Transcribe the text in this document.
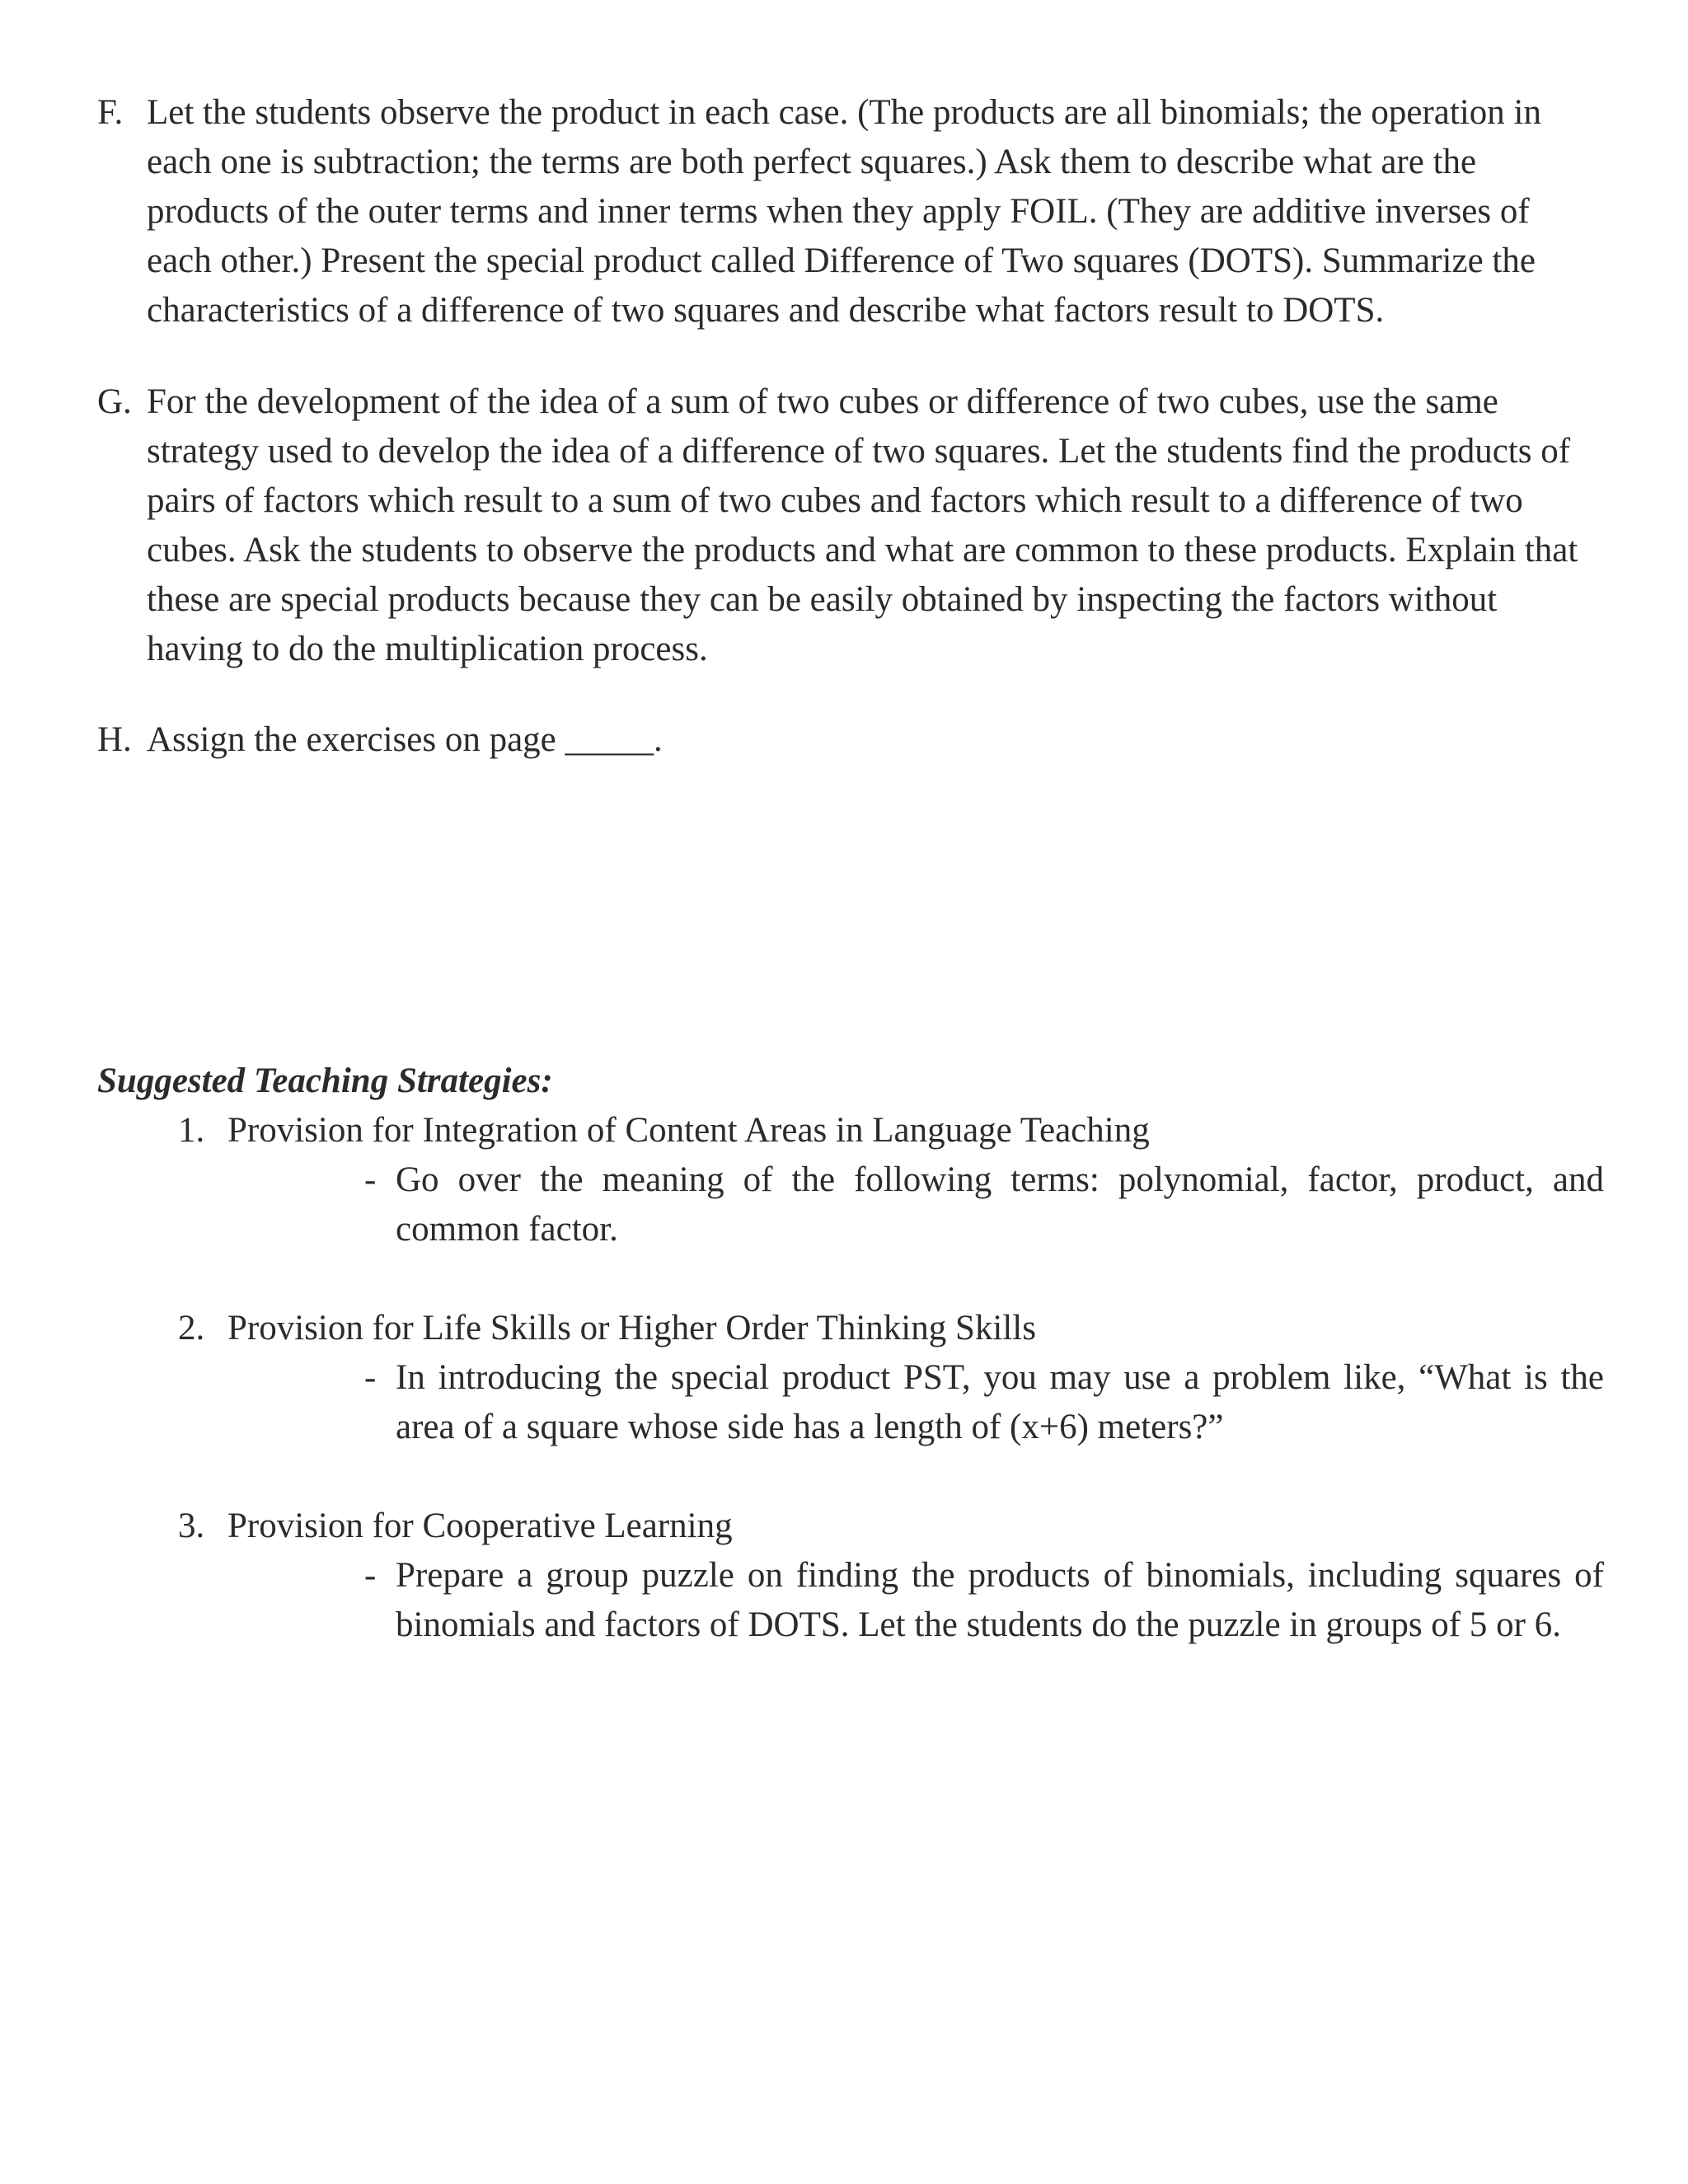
F. Let the students observe the product in each case. (The products are all binomials; the operation in each one is subtraction; the terms are both perfect squares.) Ask them to describe what are the products of the outer terms and inner terms when they apply FOIL. (They are additive inverses of each other.) Present the special product called Difference of Two squares (DOTS). Summarize the characteristics of a difference of two squares and describe what factors result to DOTS.
G. For the development of the idea of a sum of two cubes or difference of two cubes, use the same strategy used to develop the idea of a difference of two squares. Let the students find the products of pairs of factors which result to a sum of two cubes and factors which result to a difference of two cubes. Ask the students to observe the products and what are common to these products. Explain that these are special products because they can be easily obtained by inspecting the factors without having to do the multiplication process.
H. Assign the exercises on page _____.
Suggested Teaching Strategies:
1. Provision for Integration of Content Areas in Language Teaching
- Go over the meaning of the following terms: polynomial, factor, product, and common factor.
2. Provision for Life Skills or Higher Order Thinking Skills
- In introducing the special product PST, you may use a problem like, “What is the area of a square whose side has a length of (x+6) meters?”
3. Provision for Cooperative Learning
- Prepare a group puzzle on finding the products of binomials, including squares of binomials and factors of DOTS. Let the students do the puzzle in groups of 5 or 6.
